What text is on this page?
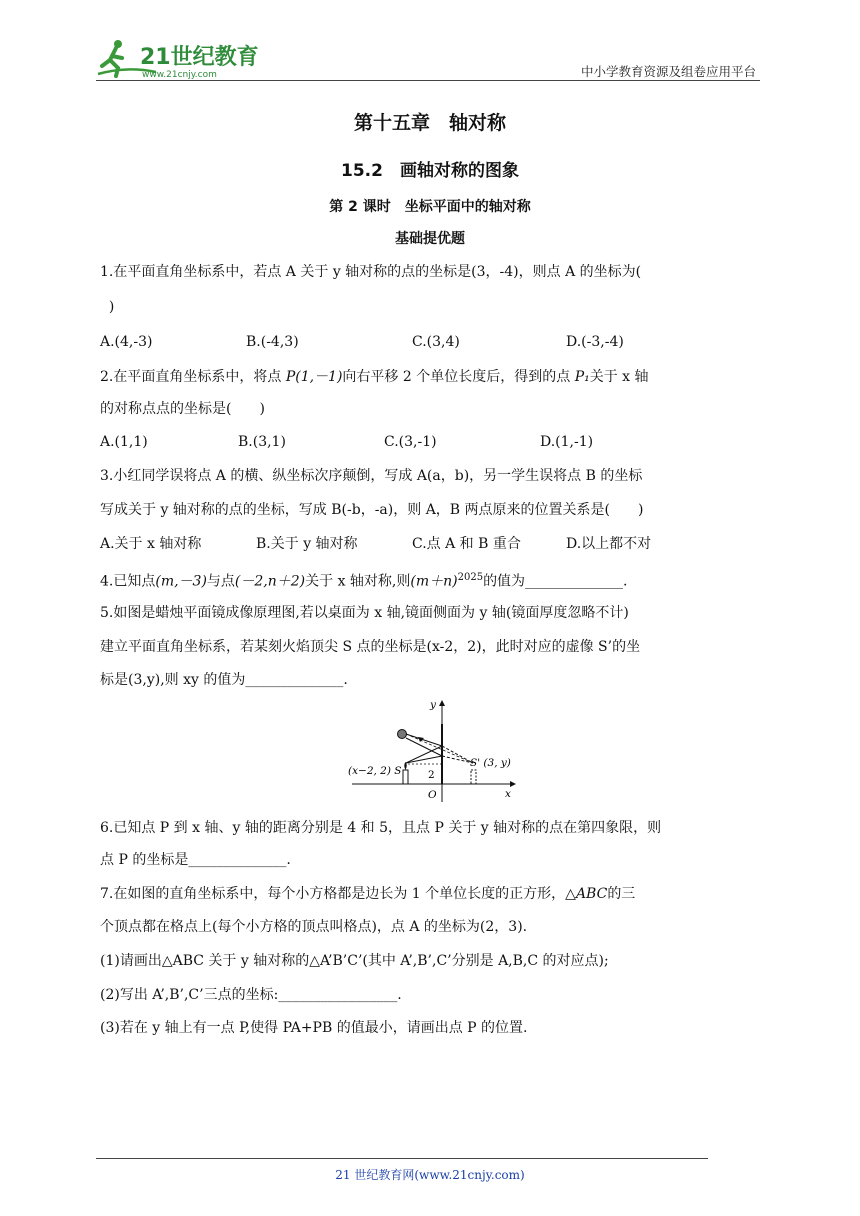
21世纪教育
www.21cnjy.com	中小学教育资源及组卷应用平台
第十五章　轴对称
15.2　画轴对称的图象
第 2 课时　坐标平面中的轴对称
基础提优题
1.在平面直角坐标系中，若点 A 关于 y 轴对称的点的坐标是(3，-4)，则点 A 的坐标为(
)
A.(4,-3)	B.(-4,3)	C.(3,4)	D.(-3,-4)
2.在平面直角坐标系中，将点 P(1,－1)向右平移 2 个单位长度后，得到的点 P₁关于 x 轴
的对称点点的坐标是(　　)
A.(1,1)	B.(3,1)	C.(3,-1)	D.(1,-1)
3.小红同学误将点 A 的横、纵坐标次序颠倒，写成 A(a，b)，另一学生误将点 B 的坐标
写成关于 y 轴对称的点的坐标，写成 B(-b，-a)，则 A，B 两点原来的位置关系是(　　)
A.关于 x 轴对称	B.关于 y 轴对称	C.点 A 和 B 重合	D.以上都不对
4.已知点(m,－3)与点(－2,n＋2)关于 x 轴对称,则$(m+n)^{2025}$的值为______________.
5.如图是蜡烛平面镜成像原理图,若以桌面为 x 轴,镜面侧面为 y 轴(镜面厚度忽略不计)
建立平面直角坐标系，若某刻火焰顶尖 S 点的坐标是(x-2，2)，此时对应的虚像 S’的坐
标是(3,y),则 xy 的值为______________.
(x−2, 2) S
S' (3, y)
2
O	x
y
6.已知点 P 到 x 轴、y 轴的距离分别是 4 和 5，且点 P 关于 y 轴对称的点在第四象限，则
点 P 的坐标是______________.
7.在如图的直角坐标系中，每个小方格都是边长为 1 个单位长度的正方形，△ABC的三
个顶点都在格点上(每个小方格的顶点叫格点)，点 A 的坐标为(2，3).
(1)请画出△ABC 关于 y 轴对称的△A’B’C’(其中 A’,B’,C’分别是 A,B,C 的对应点);
(2)写出 A’,B’,C’三点的坐标:_________________.
(3)若在 y 轴上有一点 P,使得 PA+PB 的值最小，请画出点 P 的位置.
21 世纪教育网(www.21cnjy.com)
